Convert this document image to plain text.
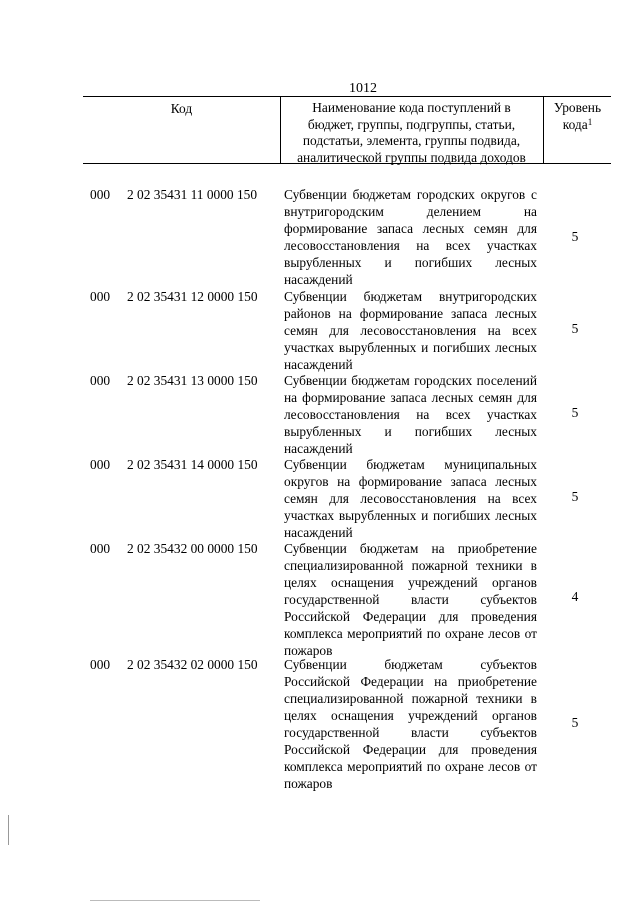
1012
Код	Наименование кода поступлений в
бюджет, группы, подгруппы, статьи,
подстатьи, элемента, группы подвида,
аналитической группы подвида доходов
Уровень
кода$^1$
000 2 02 35431 11 0000 150 Субвенции бюджетам городских округов с внутригородским делением на формирование запаса лесных семян для лесовосстановления на всех участках вырубленных и погибших лесных насаждений
5
000 2 02 35431 12 0000 150 Субвенции бюджетам внутригородских районов на формирование запаса лесных семян для лесовосстановления на всех участках вырубленных и погибших лесных насаждений
5
000 2 02 35431 13 0000 150 Субвенции бюджетам городских поселений на формирование запаса лесных семян для лесовосстановления на всех участках вырубленных и погибших лесных насаждений
5
000 2 02 35431 14 0000 150 Субвенции бюджетам муниципальных округов на формирование запаса лесных семян для лесовосстановления на всех участках вырубленных и погибших лесных насаждений
5
000 2 02 35432 00 0000 150 Субвенции бюджетам на приобретение специализированной пожарной техники в целях оснащения учреждений органов государственной власти субъектов Российской Федерации для проведения комплекса мероприятий по охране лесов от пожаров
4
000 2 02 35432 02 0000 150 Субвенции бюджетам субъектов Российской Федерации на приобретение специализированной пожарной техники в целях оснащения учреждений органов государственной власти субъектов Российской Федерации для проведения комплекса мероприятий по охране лесов от пожаров
5
